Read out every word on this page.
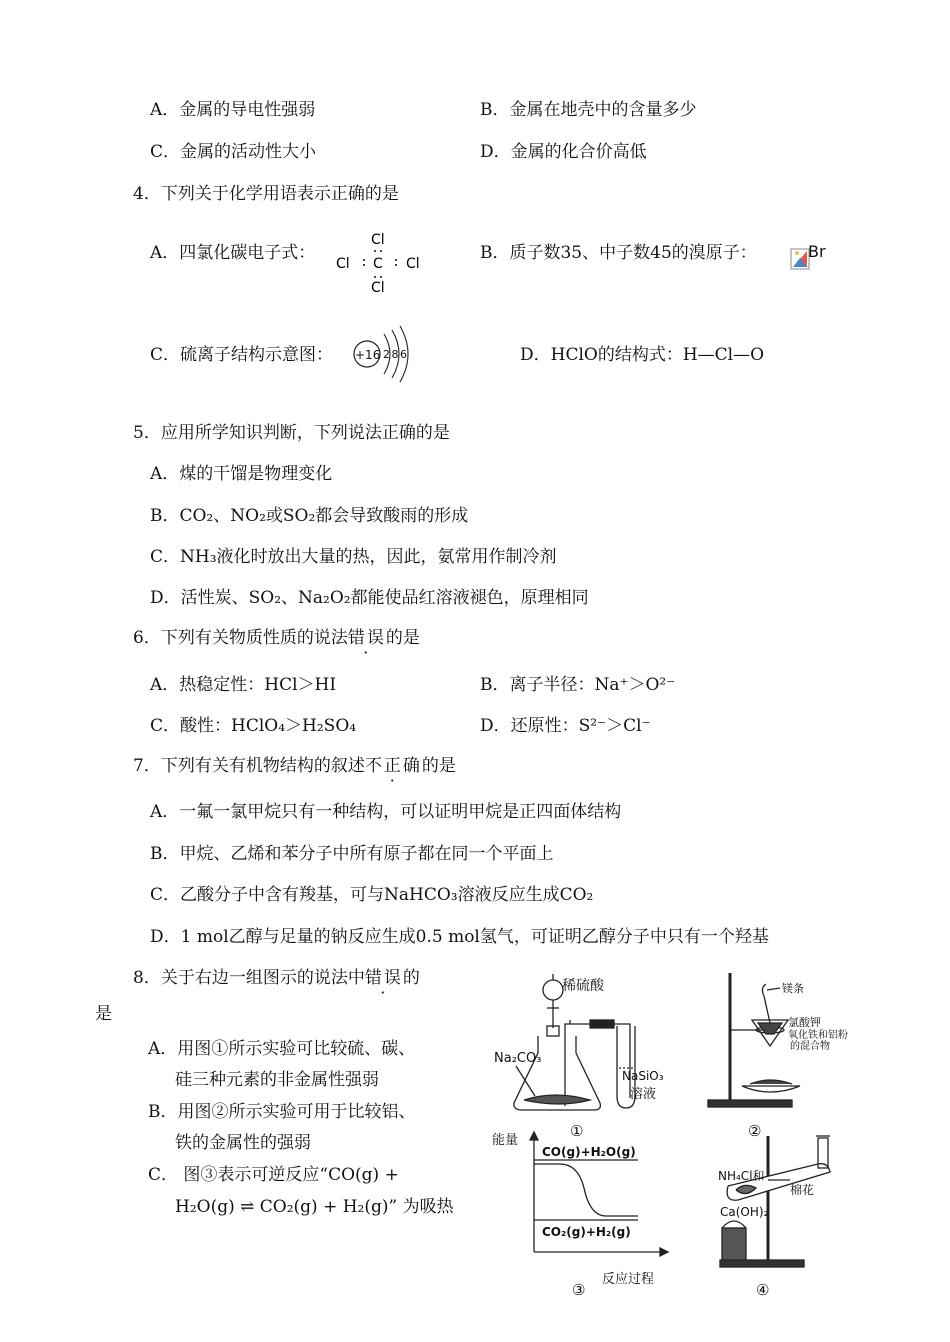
A．金属的导电性强弱	B．金属在地壳中的含量多少
C．金属的活动性大小	D．金属的化合价高低
4．下列关于化学用语表示正确的是
A．四氯化碳电子式：
Cl
Cl C Cl
Cl
B．质子数35、中子数45的溴原子：	Br
C．硫离子结构示意图： +16 2 8 6	D．HClO的结构式：H—Cl—O
5．应用所学知识判断，下列说法正确的是
A．煤的干馏是物理变化
B．CO₂、NO₂或SO₂都会导致酸雨的形成
C．NH₃液化时放出大量的热，因此，氨常用作制冷剂
D．活性炭、SO₂、Na₂O₂都能使品红溶液褪色，原理相同
6．下列有关物质性质的说法错误的是
A．热稳定性：HCl＞HI	B．离子半径：Na⁺＞O²⁻
C．酸性：HClO₄＞H₂SO₄	D．还原性：S²⁻＞Cl⁻
7．下列有关有机物结构的叙述不正确的是
A．一氟一氯甲烷只有一种结构，可以证明甲烷是正四面体结构
B．甲烷、乙烯和苯分子中所有原子都在同一个平面上
C．乙酸分子中含有羧基，可与NaHCO₃溶液反应生成CO₂
D．1 mol乙醇与足量的钠反应生成0.5 mol氢气，可证明乙醇分子中只有一个羟基
8．关于右边一组图示的说法中错误的
是
A．用图①所示实验可比较硫、碳、
硅三种元素的非金属性强弱
B．用图②所示实验可用于比较铝、
铁的金属性的强弱
C． 图③表示可逆反应“CO(g) +
H₂O(g) ⇌ CO₂(g) + H₂(g)” 为吸热
稀硫酸
Na₂CO₃
NaSiO₃
溶液
①
镁条
氯酸钾
氧化铁和铝粉
的混合物
②
能量
CO(g)+H₂O(g)
CO₂(g)+H₂(g)
反应过程
③
NH₄Cl和
Ca(OH)₂
棉花
④
